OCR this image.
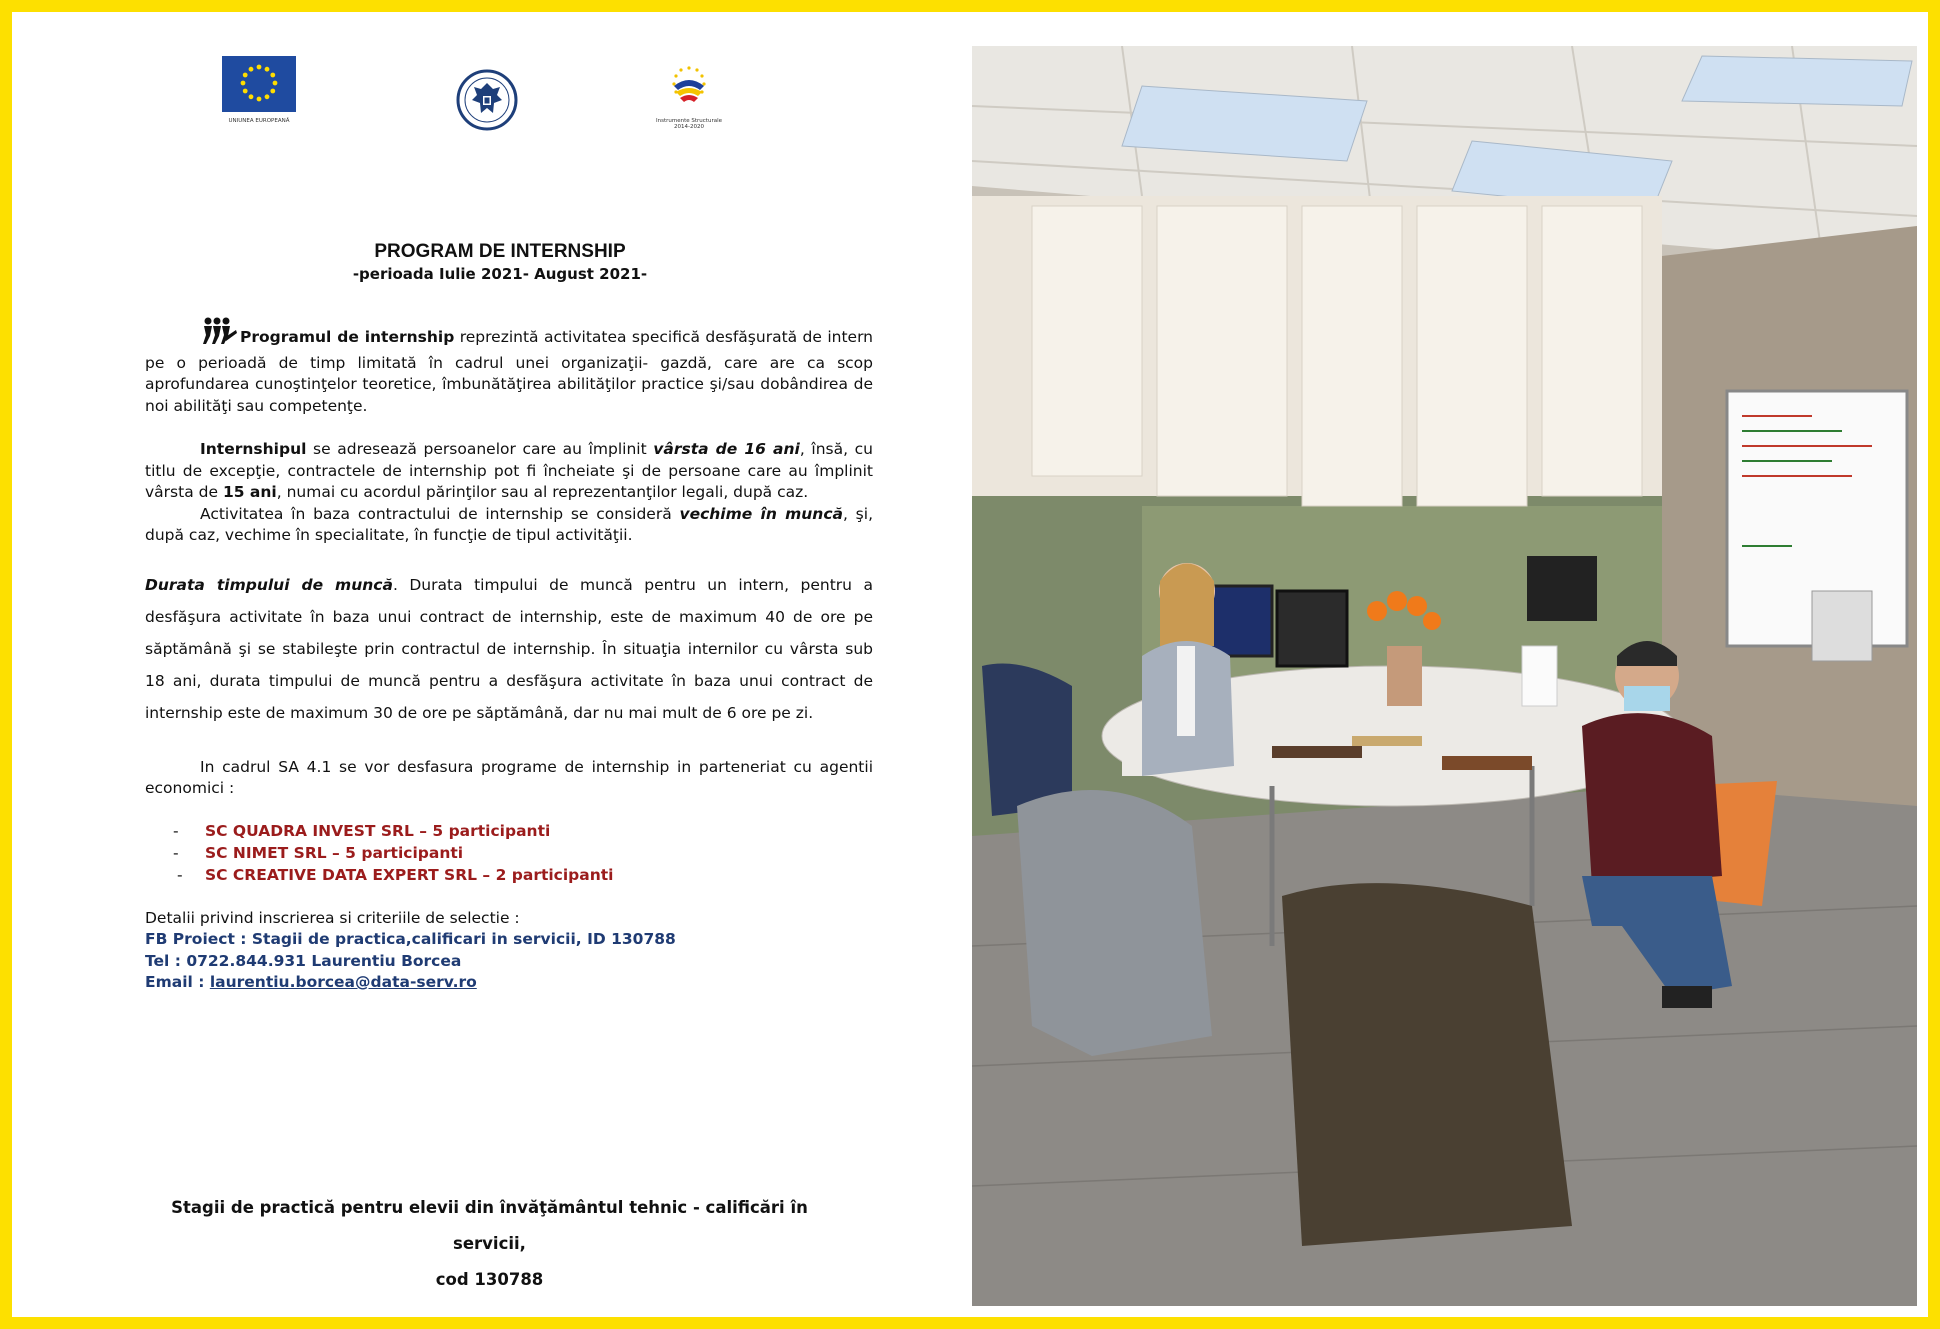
UNIUNEA EUROPEANĂ	Instrumente Structurale
2014-2020
PROGRAM DE INTERNSHIP
-perioada Iulie 2021- August 2021-

Programul de internship reprezintă activitatea specifică desfăşurată de intern pe o perioadă de timp limitată în cadrul unei organizaţii- gazdă, care are ca scop aprofundarea cunoştinţelor teoretice, îmbunătăţirea abilităţilor practice şi/sau dobândirea de noi abilităţi sau competenţe.

Internshipul se adresează persoanelor care au împlinit vârsta de 16 ani, însă, cu titlu de excepţie, contractele de internship pot fi încheiate şi de persoane care au împlinit vârsta de 15 ani, numai cu acordul părinţilor sau al reprezentanţilor legali, după caz.

Activitatea în baza contractului de internship se consideră vechime în muncă, şi, după caz, vechime în specialitate, în funcţie de tipul activităţii.

Durata timpului de muncă. Durata timpului de muncă pentru un intern, pentru a desfăşura activitate în baza unui contract de internship, este de maximum 40 de ore pe săptămână şi se stabileşte prin contractul de internship. În situaţia internilor cu vârsta sub 18 ani, durata timpului de muncă pentru a desfăşura activitate în baza unui contract de internship este de maximum 30 de ore pe săptămână, dar nu mai mult de 6 ore pe zi.

In cadrul SA 4.1 se vor desfasura programe de internship in parteneriat cu agentii economici :

- SC QUADRA INVEST SRL – 5 participanti
- SC NIMET SRL – 5 participanti
- SC CREATIVE DATA EXPERT SRL – 2 participanti
Detalii privind inscrierea si criteriile de selectie :
FB Proiect : Stagii de practica,calificari in servicii, ID 130788
Tel : 0722.844.931 Laurentiu Borcea
Email : laurentiu.borcea@data-serv.ro
Stagii de practică pentru elevii din învăţământul tehnic - calificări în servicii,
cod 130788
